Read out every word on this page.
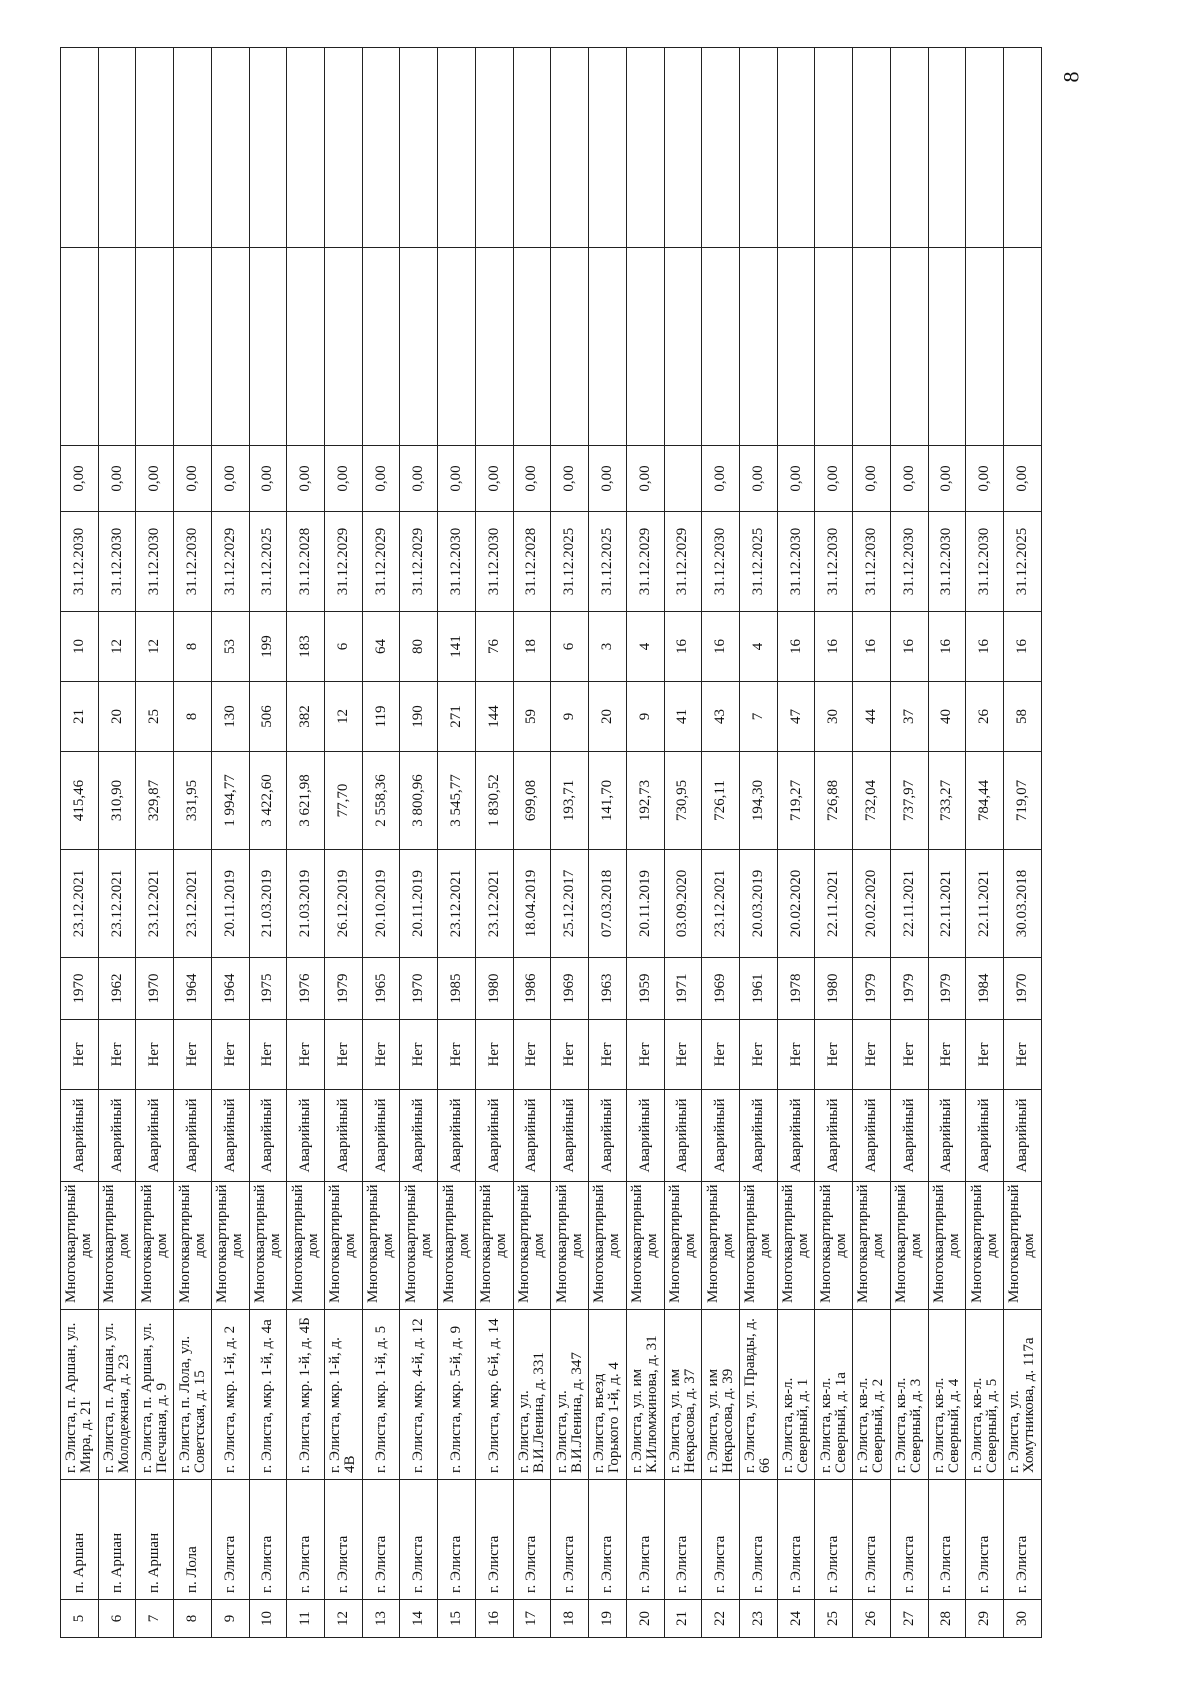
5	п. Аршан	г. Элиста, п. Аршан, ул. Мира, д. 21	Многоквартирный дом	Аварийный	Нет	1970	23.12.2021	415,46	21	10	31.12.2030	0,00		
6	п. Аршан	г. Элиста, п. Аршан, ул. Молодежная, д. 23	Многоквартирный дом	Аварийный	Нет	1962	23.12.2021	310,90	20	12	31.12.2030	0,00		
7	п. Аршан	г. Элиста, п. Аршан, ул. Песчаная, д. 9	Многоквартирный дом	Аварийный	Нет	1970	23.12.2021	329,87	25	12	31.12.2030	0,00		
8	п. Лола	г. Элиста, п. Лола, ул. Советская, д. 15	Многоквартирный дом	Аварийный	Нет	1964	23.12.2021	331,95	8	8	31.12.2030	0,00		
9	г. Элиста	г. Элиста, мкр. 1-й, д. 2	Многоквартирный дом	Аварийный	Нет	1964	20.11.2019	1 994,77	130	53	31.12.2029	0,00		
10	г. Элиста	г. Элиста, мкр. 1-й, д. 4а	Многоквартирный дом	Аварийный	Нет	1975	21.03.2019	3 422,60	506	199	31.12.2025	0,00		
11	г. Элиста	г. Элиста, мкр. 1-й, д. 4Б	Многоквартирный дом	Аварийный	Нет	1976	21.03.2019	3 621,98	382	183	31.12.2028	0,00		
12	г. Элиста	г. Элиста, мкр. 1-й, д. 4В	Многоквартирный дом	Аварийный	Нет	1979	26.12.2019	77,70	12	6	31.12.2029	0,00		
13	г. Элиста	г. Элиста, мкр. 1-й, д. 5	Многоквартирный дом	Аварийный	Нет	1965	20.10.2019	2 558,36	119	64	31.12.2029	0,00		
14	г. Элиста	г. Элиста, мкр. 4-й, д. 12	Многоквартирный дом	Аварийный	Нет	1970	20.11.2019	3 800,96	190	80	31.12.2029	0,00		
15	г. Элиста	г. Элиста, мкр. 5-й, д. 9	Многоквартирный дом	Аварийный	Нет	1985	23.12.2021	3 545,77	271	141	31.12.2030	0,00		
16	г. Элиста	г. Элиста, мкр. 6-й, д. 14	Многоквартирный дом	Аварийный	Нет	1980	23.12.2021	1 830,52	144	76	31.12.2030	0,00		
17	г. Элиста	г. Элиста, ул. В.И.Ленина, д. 331	Многоквартирный дом	Аварийный	Нет	1986	18.04.2019	699,08	59	18	31.12.2028	0,00		
18	г. Элиста	г. Элиста, ул. В.И.Ленина, д. 347	Многоквартирный дом	Аварийный	Нет	1969	25.12.2017	193,71	9	6	31.12.2025	0,00		
19	г. Элиста	г. Элиста, въезд Горького 1-й, д. 4	Многоквартирный дом	Аварийный	Нет	1963	07.03.2018	141,70	20	3	31.12.2025	0,00		
20	г. Элиста	г. Элиста, ул. им К.Илюмжинова, д. 31	Многоквартирный дом	Аварийный	Нет	1959	20.11.2019	192,73	9	4	31.12.2029	0,00		
21	г. Элиста	г. Элиста, ул. им Некрасова, д. 37	Многоквартирный дом	Аварийный	Нет	1971	03.09.2020	730,95	41	16	31.12.2029			
22	г. Элиста	г. Элиста, ул. им Некрасова, д. 39	Многоквартирный дом	Аварийный	Нет	1969	23.12.2021	726,11	43	16	31.12.2030	0,00		
23	г. Элиста	г. Элиста, ул. Правды, д. 66	Многоквартирный дом	Аварийный	Нет	1961	20.03.2019	194,30	7	4	31.12.2025	0,00		
24	г. Элиста	г. Элиста, кв-л. Северный, д. 1	Многоквартирный дом	Аварийный	Нет	1978	20.02.2020	719,27	47	16	31.12.2030	0,00		
25	г. Элиста	г. Элиста, кв-л. Северный, д. 1а	Многоквартирный дом	Аварийный	Нет	1980	22.11.2021	726,88	30	16	31.12.2030	0,00		
26	г. Элиста	г. Элиста, кв-л. Северный, д. 2	Многоквартирный дом	Аварийный	Нет	1979	20.02.2020	732,04	44	16	31.12.2030	0,00		
27	г. Элиста	г. Элиста, кв-л. Северный, д. 3	Многоквартирный дом	Аварийный	Нет	1979	22.11.2021	737,97	37	16	31.12.2030	0,00		
28	г. Элиста	г. Элиста, кв-л. Северный, д. 4	Многоквартирный дом	Аварийный	Нет	1979	22.11.2021	733,27	40	16	31.12.2030	0,00		
29	г. Элиста	г. Элиста, кв-л. Северный, д. 5	Многоквартирный дом	Аварийный	Нет	1984	22.11.2021	784,44	26	16	31.12.2030	0,00		
30	г. Элиста	г. Элиста, ул. Хомутникова, д. 117а	Многоквартирный дом	Аварийный	Нет	1970	30.03.2018	719,07	58	16	31.12.2025	0,00		
8
